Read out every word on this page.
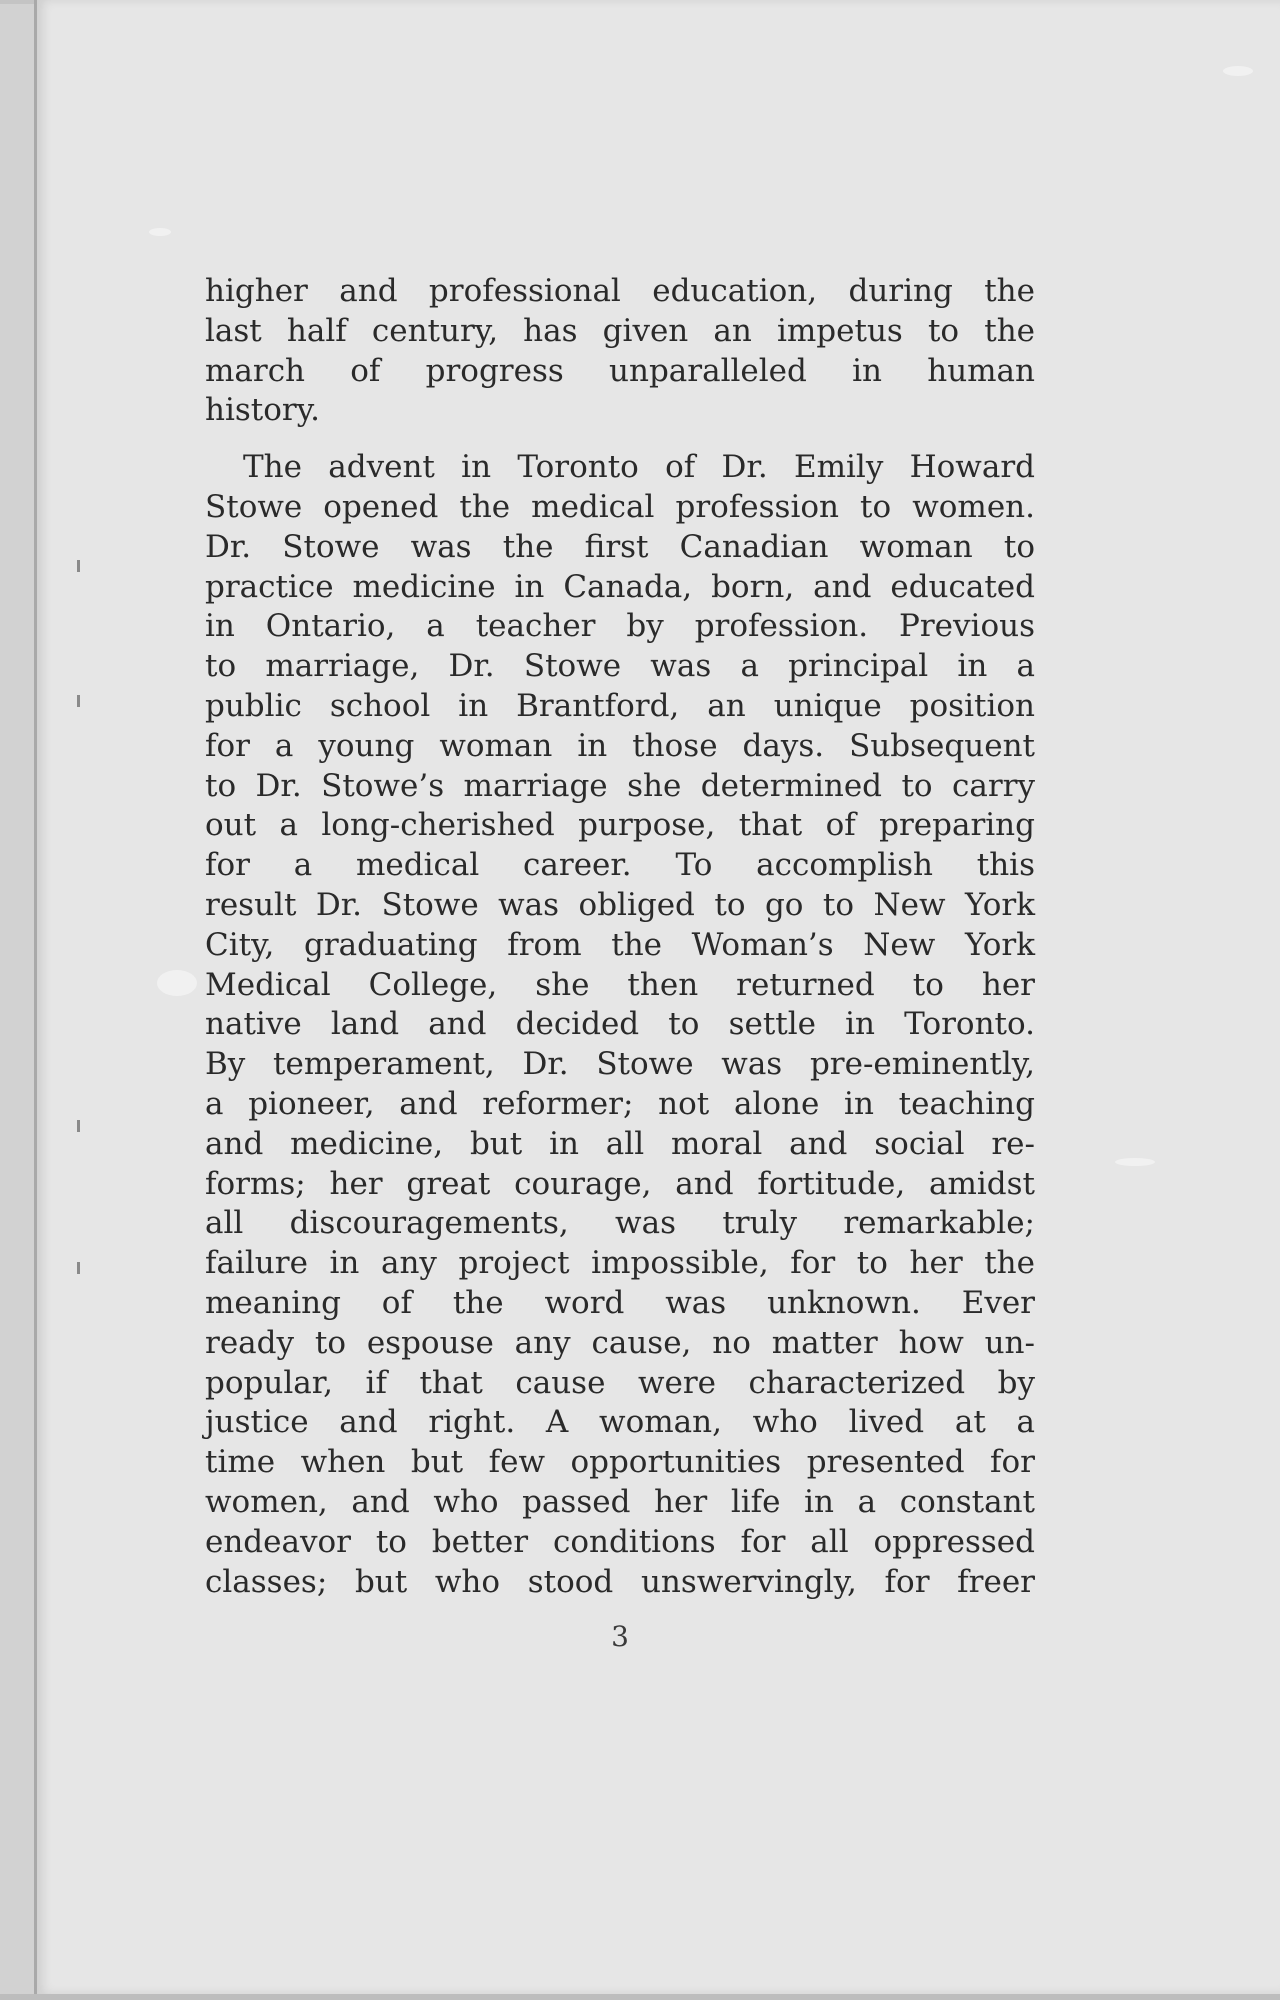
higher and professional education, during the
last half century, has given an impetus to the
march of progress unparalleled in human
history.

The advent in Toronto of Dr. Emily Howard
Stowe opened the medical profession to women.
Dr. Stowe was the first Canadian woman to
practice medicine in Canada, born, and educated
in Ontario, a teacher by profession. Previous
to marriage, Dr. Stowe was a principal in a
public school in Brantford, an unique position
for a young woman in those days. Subsequent
to Dr. Stowe’s marriage she determined to carry
out a long-cherished purpose, that of preparing
for a medical career. To accomplish this
result Dr. Stowe was obliged to go to New York
City, graduating from the Woman’s New York
Medical College, she then returned to her
native land and decided to settle in Toronto.
By temperament, Dr. Stowe was pre-eminently,
a pioneer, and reformer; not alone in teaching
and medicine, but in all moral and social re-
forms; her great courage, and fortitude, amidst
all discouragements, was truly remarkable;
failure in any project impossible, for to her the
meaning of the word was unknown. Ever
ready to espouse any cause, no matter how un-
popular, if that cause were characterized by
justice and right. A woman, who lived at a
time when but few opportunities presented for
women, and who passed her life in a constant
endeavor to better conditions for all oppressed
classes; but who stood unswervingly, for freer

3
